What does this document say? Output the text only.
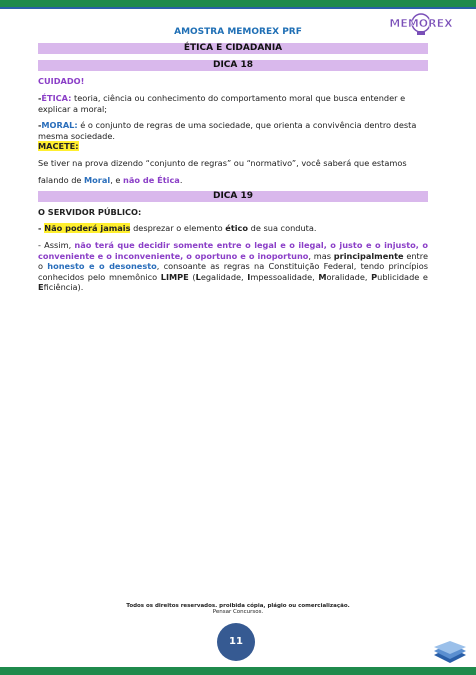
AMOSTRA MEMOREX PRF
MEMOREX
ÉTICA E CIDADANIA
DICA 18
CUIDADO!
-ÉTICA: teoria, ciência ou conhecimento do comportamento moral que busca entender e explicar a moral;
-MORAL: é o conjunto de regras de uma sociedade, que orienta a convivência dentro desta mesma sociedade.
MACETE:
Se tiver na prova dizendo “conjunto de regras” ou “normativo”, você saberá que estamos falando de Moral, e não de Ética.
DICA 19
O SERVIDOR PÚBLICO:
- Não poderá jamais desprezar o elemento ético de sua conduta.
- Assim, não terá que decidir somente entre o legal e o ilegal, o justo e o injusto, o conveniente e o inconveniente, o oportuno e o inoportuno, mas principalmente entre o honesto e o desonesto, consoante as regras na Constituição Federal, tendo princípios conhecidos pelo mnemônico LIMPE (Legalidade, Impessoalidade, Moralidade, Publicidade e Eficiência).
Todos os direitos reservados. proibida cópia, plágio ou comercialização.
Pensar Concursos.
11
